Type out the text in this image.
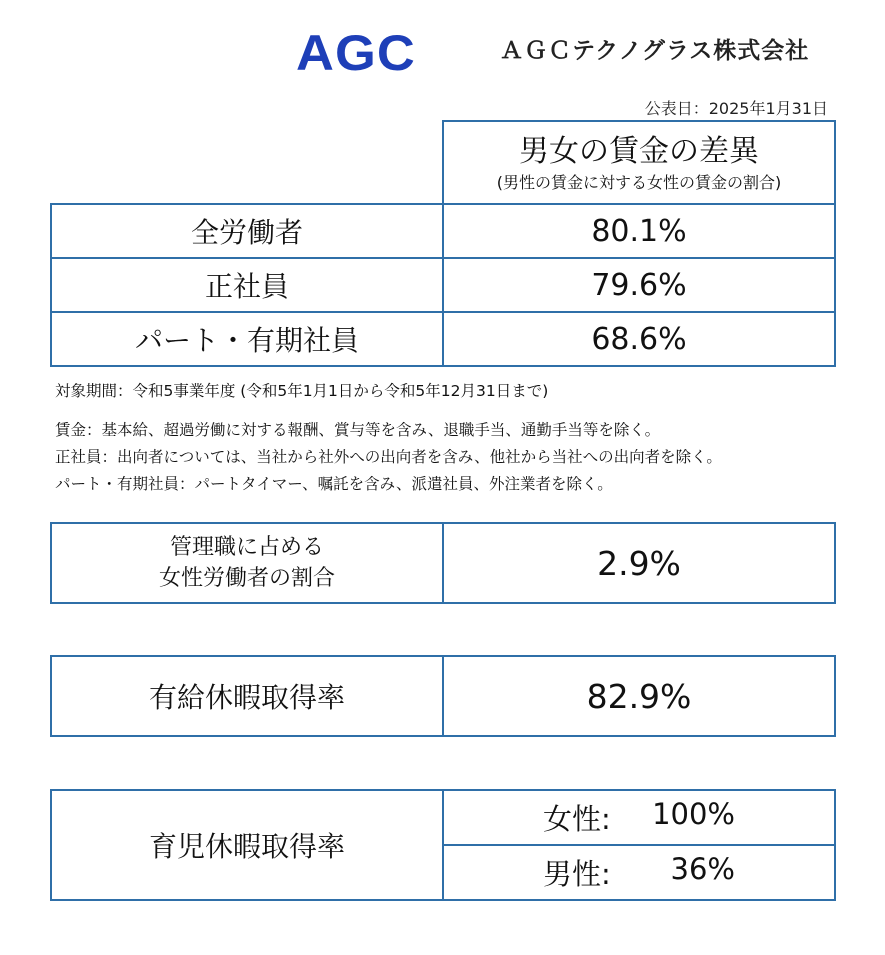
AGC	ＡＧＣテクノグラス株式会社
公表日：2025年1月31日

	男女の賃金の差異
(男性の賃金に対する女性の賃金の割合)

全労働者	80.1%
正社員	79.6%
パート・有期社員	68.6%
対象期間：令和5事業年度 (令和5年1月1日から令和5年12月31日まで)
賃金：基本給、超過労働に対する報酬、賞与等を含み、退職手当、通勤手当等を除く。
正社員：出向者については、当社から社外への出向者を含み、他社から当社への出向者を除く。
パート・有期社員：パートタイマー、嘱託を含み、派遣社員、外注業者を除く。
管理職に占める
女性労働者の割合	2.9%
有給休暇取得率	82.9%
育児休暇取得率	
女性:	100%

男性:	36%
